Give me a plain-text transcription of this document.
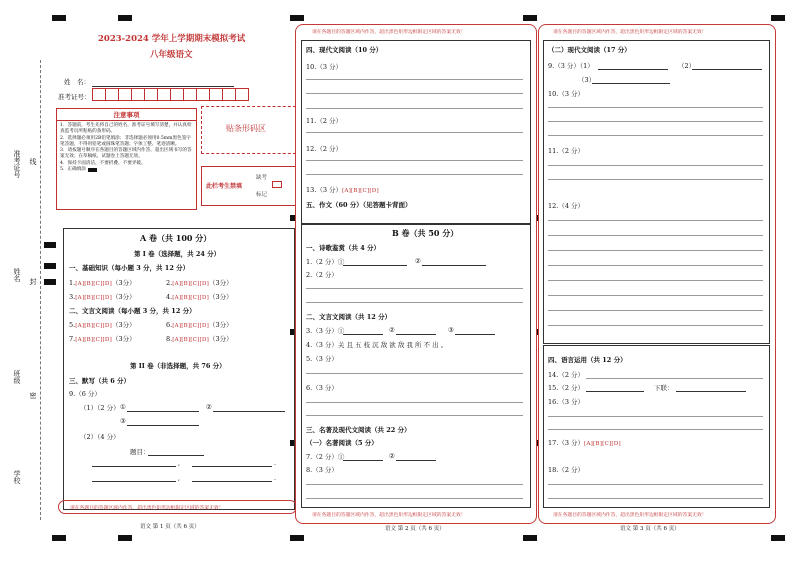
准考证号 线
姓名 封
班级
密
学校
2023-2024 学年上学期期末模拟考试
八年级语文
姓　名：
准考证号：
注意事项
1．答题前，考生先将自己的姓名，准考证号填写清楚，并认真检查监考员所粘贴的条形码。
2．选择题必须用2B铅笔填涂；非选择题必须用0.5mm黑色签字笔答题，不得用铅笔或圆珠笔答题；字体工整、笔迹清晰。
3．请按题号顺序在各题目的答题区域内作答，超出区域书写的答案无效；在草稿纸、试题卷上答题无效。
4．保持卡面清洁，不要折叠、不要弄破。
5．正确填涂
贴条形码区
此栏考生禁填
缺考
标记
A 卷（共 100 分）
第 I 卷（选择题，共 24 分）
一、基础知识（每小题 3 分，共 12 分）
1.[A][B][C][D]（3分）	2.[A][B][C][D]（3分）
3.[A][B][C][D]（3分）	4.[A][B][C][D]（3分）
二、文言文阅读（每小题 3 分，共 12 分）
5.[A][B][C][D]（3分）	6.[A][B][C][D]（3分）
7.[A][B][C][D]（3分）	8.[A][B][C][D]（3分）
第 II 卷（非选择题，共 76 分）
三、默写（共 6 分）
9.（6 分）
（1）（2 分） ①	②
③
（2）（4 分）
题目：
,	.
,	.
请在各题目的答题区域内作答，超出黑色矩形边框限定区域的答案无效！
语文 第 1 页（共 6 页）
请在各题目的答题区域内作答，超出黑色矩形边框限定区域的答案无效！
四、现代文阅读（10 分）
10.（3 分）
11.（2 分）
12.（2 分）
13.（3 分）[A][B][C][D]
五、作文（60 分）（见答题卡背面）
B 卷（共 50 分）
一、诗歌鉴赏（共 4 分）
1.（2 分）①	②
2.（2 分）
二、文言文阅读（共 12 分）
3.（3 分）①	②	③
4.（3 分）关 且 五 枝 沉 敌 欲 敌 我 所 不 出 。
5.（3 分）
6.（3 分）
三、名著及现代文阅读（共 22 分）
（一）名著阅读（5 分）
7.（2 分）①	②
8.（3 分）
请在各题目的答题区域内作答，超出黑色矩形边框限定区域的答案无效！
语文 第 2 页（共 6 页）
请在各题目的答题区域内作答，超出黑色矩形边框限定区域的答案无效！
（二）现代文阅读（17 分）
9.（3 分）（1）	（2）
（3）
10.（3 分）
11.（2 分）
12.（4 分）
四、语言运用（共 12 分）
14.（2 分）
15.（2 分）	下联：
16.（3 分）
17.（3 分）[A][B][C][D]
18.（2 分）
请在各题目的答题区域内作答，超出黑色矩形边框限定区域的答案无效！
语文 第 3 页（共 6 页）
